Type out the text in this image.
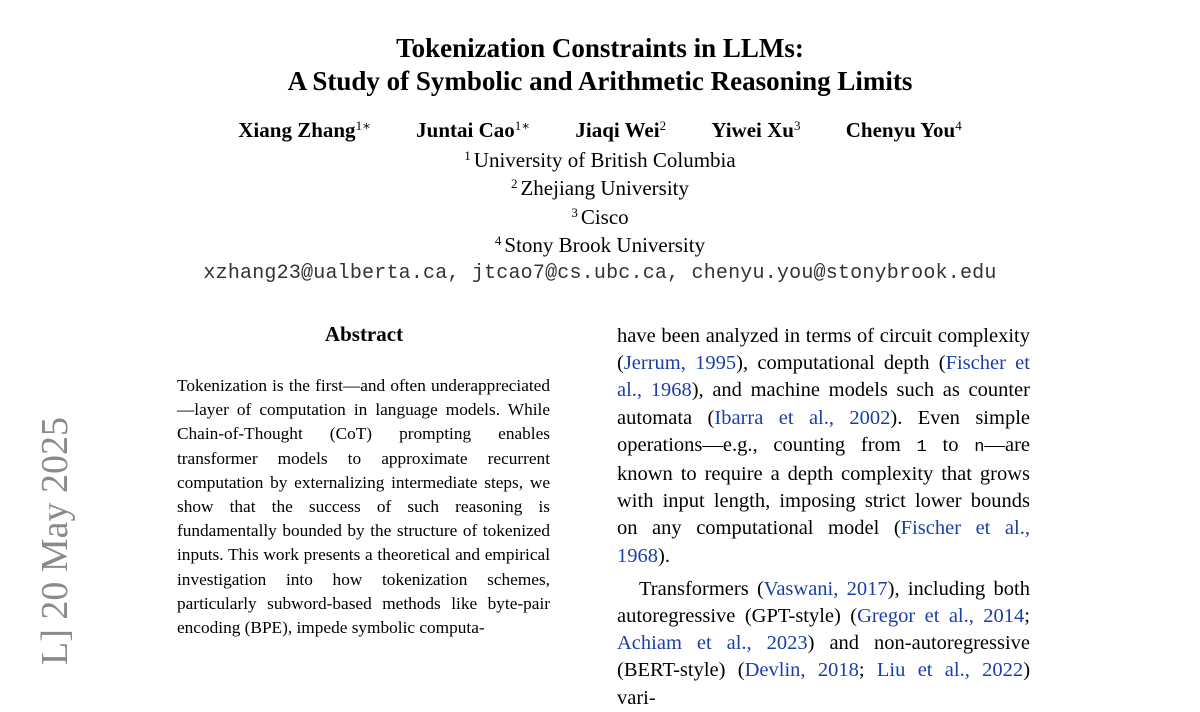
Tokenization Constraints in LLMs:
A Study of Symbolic and Arithmetic Reasoning Limits
Xiang Zhang$^{1∗}$ Juntai Cao$^{1∗}$ Jiaqi Wei$^2$ Yiwei Xu$^3$ Chenyu You$^4$
$^1$ University of British Columbia
$^2$ Zhejiang University
$^3$ Cisco
$^4$ Stony Brook University
xzhang23@ualberta.ca, jtcao7@cs.ubc.ca, chenyu.you@stonybrook.edu
L] 20 May 2025
Abstract
Tokenization is the first—and often underappreciated—layer of computation in language models. While Chain-of-Thought (CoT) prompting enables transformer models to approximate recurrent computation by externalizing intermediate steps, we show that the success of such reasoning is fundamentally bounded by the structure of tokenized inputs. This work presents a theoretical and empirical investigation into how tokenization schemes, particularly subword-based methods like byte-pair encoding (BPE), impede symbolic computa-

have been analyzed in terms of circuit complexity (Jerrum, 1995), computational depth (Fischer et al., 1968), and machine models such as counter automata (Ibarra et al., 2002). Even simple operations—e.g., counting from 1 to n—are known to require a depth complexity that grows with input length, imposing strict lower bounds on any computational model (Fischer et al., 1968).

Transformers (Vaswani, 2017), including both autoregressive (GPT-style) (Gregor et al., 2014; Achiam et al., 2023) and non-autoregressive (BERT-style) (Devlin, 2018; Liu et al., 2022) vari-
